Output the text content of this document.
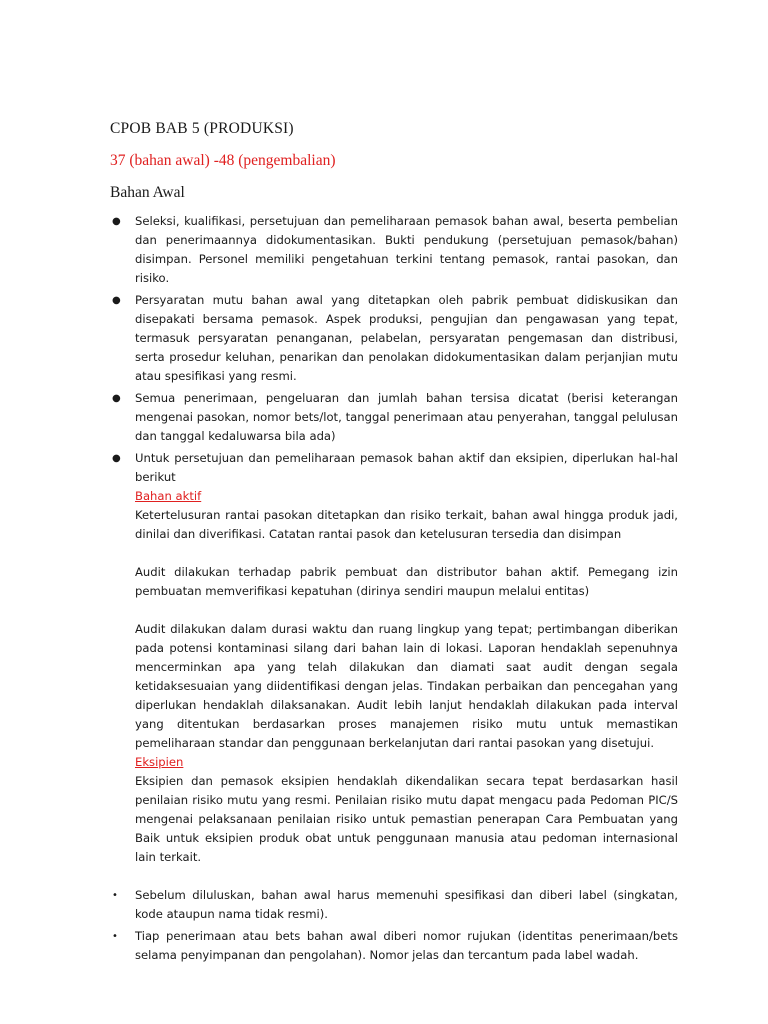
CPOB BAB 5 (PRODUKSI)
37 (bahan awal) -48 (pengembalian)
Bahan Awal
● Seleksi, kualifikasi, persetujuan dan pemeliharaan pemasok bahan awal, beserta pembelian dan penerimaannya didokumentasikan. Bukti pendukung (persetujuan pemasok/bahan) disimpan. Personel memiliki pengetahuan terkini tentang pemasok, rantai pasokan, dan risiko.
● Persyaratan mutu bahan awal yang ditetapkan oleh pabrik pembuat didiskusikan dan disepakati bersama pemasok. Aspek produksi, pengujian dan pengawasan yang tepat, termasuk persyaratan penanganan, pelabelan, persyaratan pengemasan dan distribusi, serta prosedur keluhan, penarikan dan penolakan didokumentasikan dalam perjanjian mutu atau spesifikasi yang resmi.
● Semua penerimaan, pengeluaran dan jumlah bahan tersisa dicatat (berisi keterangan mengenai pasokan, nomor bets/lot, tanggal penerimaan atau penyerahan, tanggal pelulusan dan tanggal kedaluwarsa bila ada)
● Untuk persetujuan dan pemeliharaan pemasok bahan aktif dan eksipien, diperlukan hal-hal berikut
Bahan aktif

Ketertelusuran rantai pasokan ditetapkan dan risiko terkait, bahan awal hingga produk jadi, dinilai dan diverifikasi. Catatan rantai pasok dan ketelusuran tersedia dan disimpan

Audit dilakukan terhadap pabrik pembuat dan distributor bahan aktif. Pemegang izin pembuatan memverifikasi kepatuhan (dirinya sendiri maupun melalui entitas)

Audit dilakukan dalam durasi waktu dan ruang lingkup yang tepat; pertimbangan diberikan pada potensi kontaminasi silang dari bahan lain di lokasi. Laporan hendaklah sepenuhnya mencerminkan apa yang telah dilakukan dan diamati saat audit dengan segala ketidaksesuaian yang diidentifikasi dengan jelas. Tindakan perbaikan dan pencegahan yang diperlukan hendaklah dilaksanakan. Audit lebih lanjut hendaklah dilakukan pada interval yang ditentukan berdasarkan proses manajemen risiko mutu untuk memastikan pemeliharaan standar dan penggunaan berkelanjutan dari rantai pasokan yang disetujui.

Eksipien

Eksipien dan pemasok eksipien hendaklah dikendalikan secara tepat berdasarkan hasil penilaian risiko mutu yang resmi. Penilaian risiko mutu dapat mengacu pada Pedoman PIC/S mengenai pelaksanaan penilaian risiko untuk pemastian penerapan Cara Pembuatan yang Baik untuk eksipien produk obat untuk penggunaan manusia atau pedoman internasional lain terkait.

• Sebelum diluluskan, bahan awal harus memenuhi spesifikasi dan diberi label (singkatan, kode ataupun nama tidak resmi).
• Tiap penerimaan atau bets bahan awal diberi nomor rujukan (identitas penerimaan/bets selama penyimpanan dan pengolahan). Nomor jelas dan tercantum pada label wadah.
